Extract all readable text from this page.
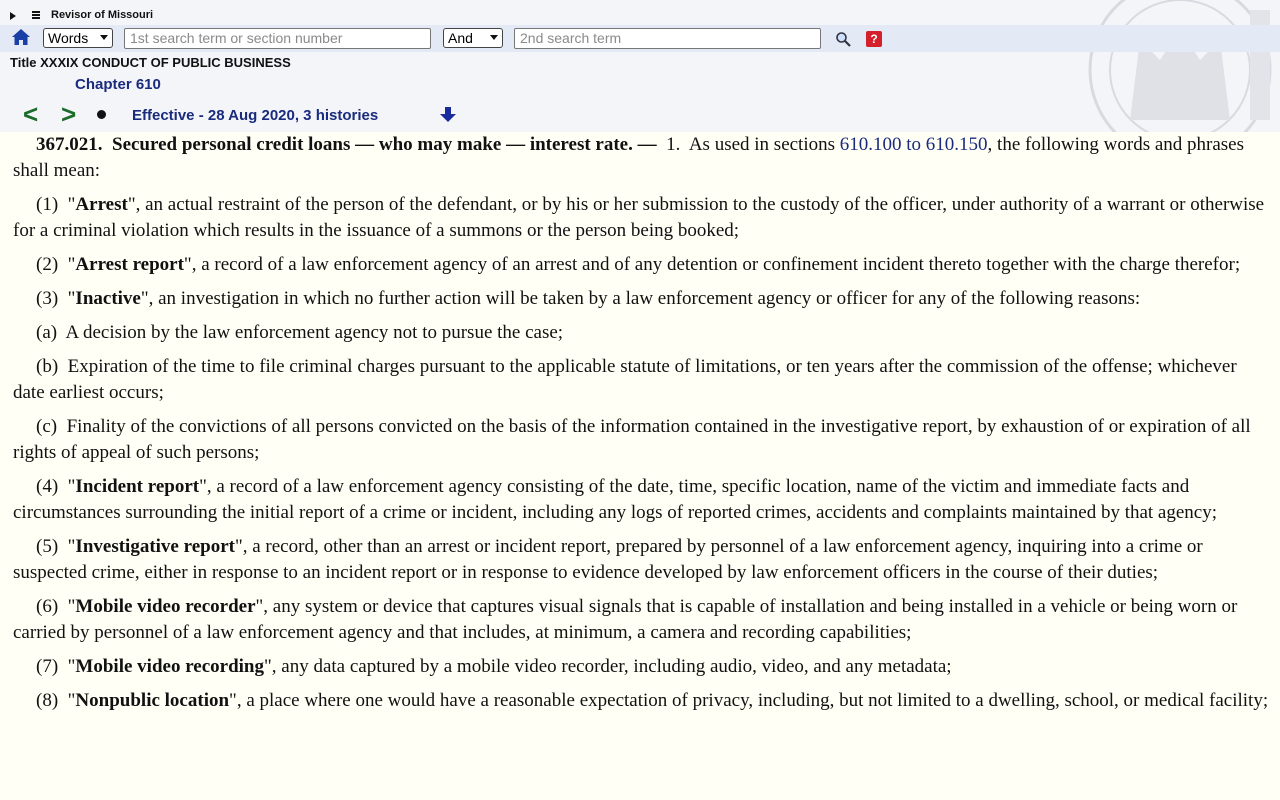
Revisor of Missouri
Words	1st search term or section number	And	2nd search term	?
Title XXXIX CONDUCT OF PUBLIC BUSINESS
Chapter 610
< >	Effective - 28 Aug 2020, 3 histories

367.021. Secured personal credit loans — who may make — interest rate. — 1. As used in sections 610.100 to 610.150, the following words and phrases shall mean:

(1)  "Arrest", an actual restraint of the person of the defendant, or by his or her submission to the custody of the officer, under authority of a warrant or otherwise for a criminal violation which results in the issuance of a summons or the person being booked;

(2)  "Arrest report", a record of a law enforcement agency of an arrest and of any detention or confinement incident thereto together with the charge therefor;

(3)  "Inactive", an investigation in which no further action will be taken by a law enforcement agency or officer for any of the following reasons:

(a) A decision by the law enforcement agency not to pursue the case;

(b) Expiration of the time to file criminal charges pursuant to the applicable statute of limitations, or ten years after the commission of the offense; whichever date earliest occurs;

(c) Finality of the convictions of all persons convicted on the basis of the information contained in the investigative report, by exhaustion of or expiration of all rights of appeal of such persons;

(4)  "Incident report", a record of a law enforcement agency consisting of the date, time, specific location, name of the victim and immediate facts and circumstances surrounding the initial report of a crime or incident, including any logs of reported crimes, accidents and complaints maintained by that agency;

(5)  "Investigative report", a record, other than an arrest or incident report, prepared by personnel of a law enforcement agency, inquiring into a crime or suspected crime, either in response to an incident report or in response to evidence developed by law enforcement officers in the course of their duties;

(6)  "Mobile video recorder", any system or device that captures visual signals that is capable of installation and being installed in a vehicle or being worn or carried by personnel of a law enforcement agency and that includes, at minimum, a camera and recording capabilities;

(7)  "Mobile video recording", any data captured by a mobile video recorder, including audio, video, and any metadata;

(8)  "Nonpublic location", a place where one would have a reasonable expectation of privacy, including, but not limited to a dwelling, school, or medical facility;
